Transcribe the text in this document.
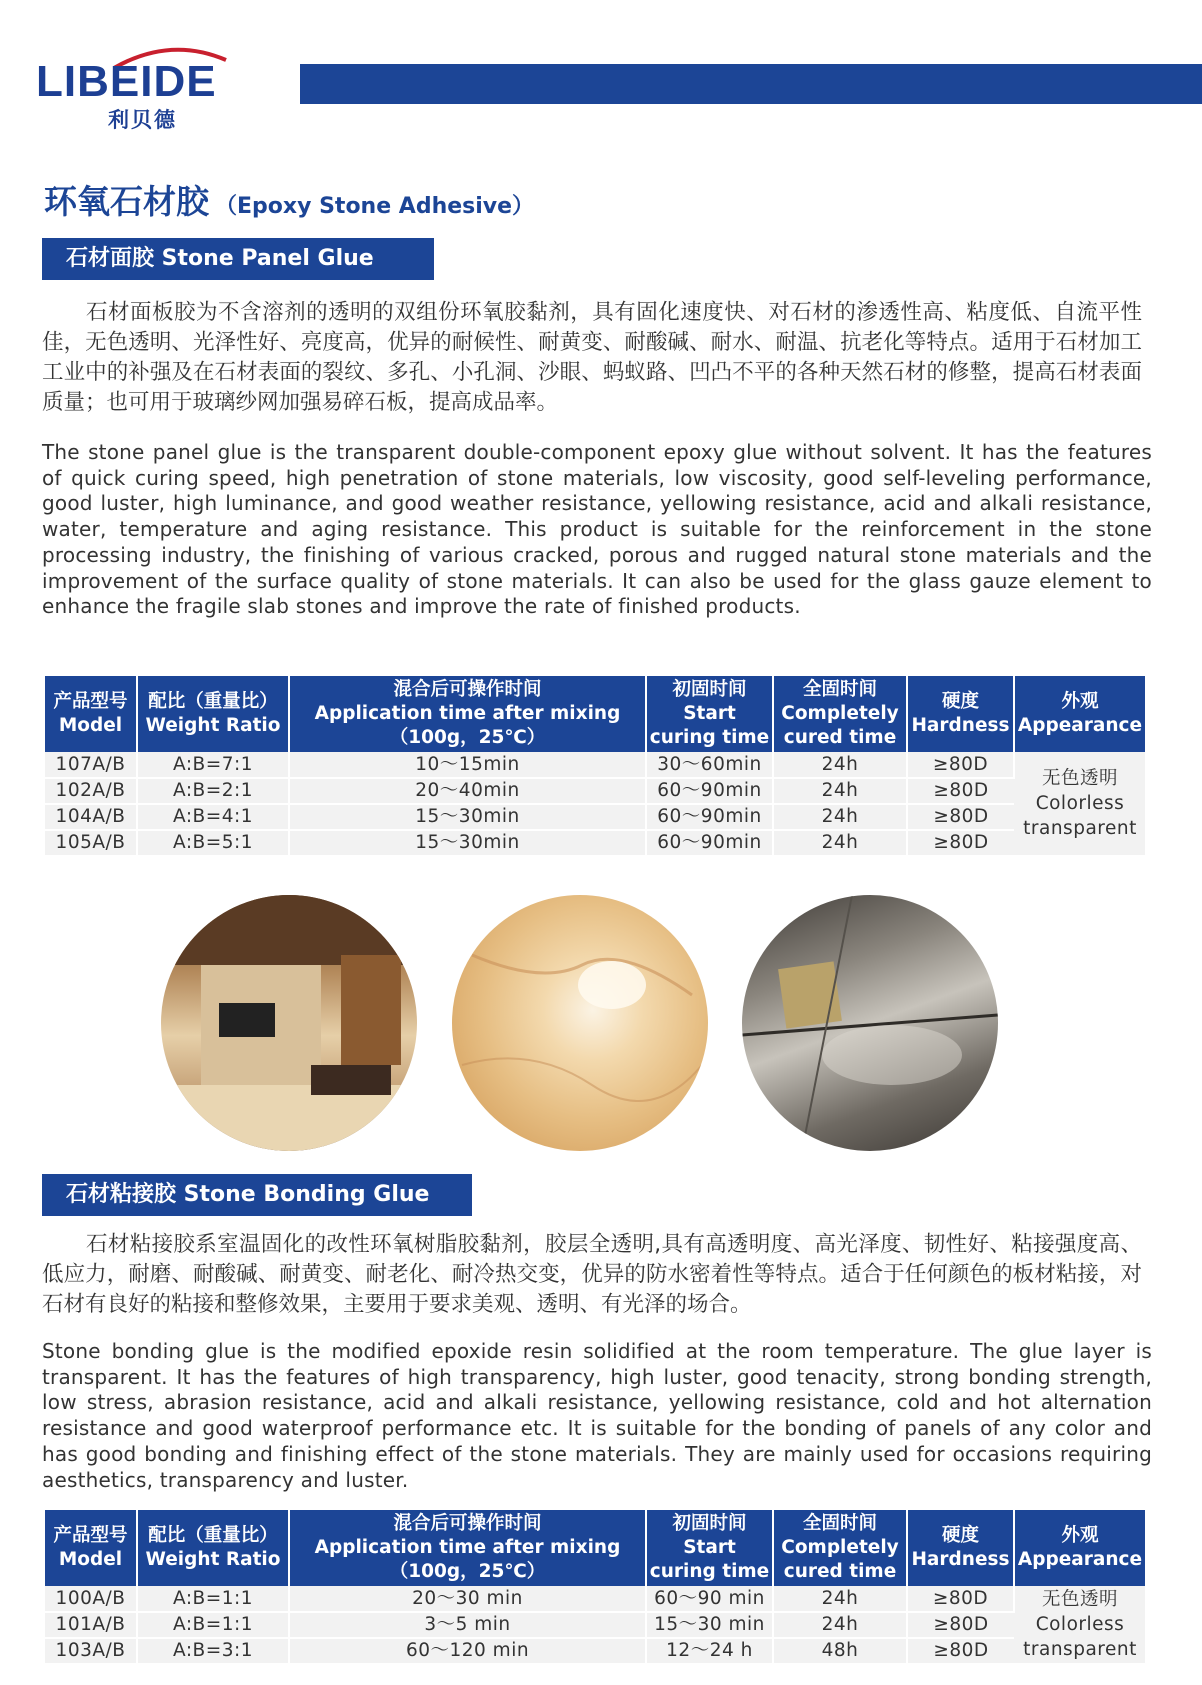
LIBEIDE
利贝德
环氧石材胶 （Epoxy Stone Adhesive）
石材面胶 Stone Panel Glue
石材面板胶为不含溶剂的透明的双组份环氧胶黏剂，具有固化速度快、对石材的渗透性高、粘度低、自流平性佳，无色透明、光泽性好、亮度高，优异的耐候性、耐黄变、耐酸碱、耐水、耐温、抗老化等特点。适用于石材加工工业中的补强及在石材表面的裂纹、多孔、小孔洞、沙眼、蚂蚁路、凹凸不平的各种天然石材的修整，提高石材表面质量；也可用于玻璃纱网加强易碎石板，提高成品率。
The stone panel glue is the transparent double-component epoxy glue without solvent. It has the features of quick curing speed, high penetration of stone materials, low viscosity, good self-leveling performance, good luster, high luminance, and good weather resistance, yellowing resistance, acid and alkali resistance, water, temperature and aging resistance. This product is suitable for the reinforcement in the stone processing industry, the finishing of various cracked, porous and rugged natural stone materials and the improvement of the surface quality of stone materials. It can also be used for the glass gauze element to enhance the fragile slab stones and improve the rate of finished products.
产品型号
Model	配比（重量比）
Weight Ratio	混合后可操作时间
Application time after mixing
（100g，25℃）	初固时间
Start
curing time	全固时间
Completely
cured time	硬度
Hardness	外观
Appearance

107A/B	A:B=7:1	10～15min	30～60min	24h	≥80D	无色透明
Colorless
transparent

102A/B	A:B=2:1	20～40min	60～90min	24h	≥80D	
104A/B	A:B=4:1	15～30min	60～90min	24h	≥80D	
105A/B	A:B=5:1	15～30min	60～90min	24h	≥80D	
石材粘接胶 Stone Bonding Glue
石材粘接胶系室温固化的改性环氧树脂胶黏剂，胶层全透明,具有高透明度、高光泽度、韧性好、粘接强度高、低应力，耐磨、耐酸碱、耐黄变、耐老化、耐冷热交变，优异的防水密着性等特点。适合于任何颜色的板材粘接，对石材有良好的粘接和整修效果，主要用于要求美观、透明、有光泽的场合。
Stone bonding glue is the modified epoxide resin solidified at the room temperature. The glue layer is transparent. It has the features of high transparency, high luster, good tenacity, strong bonding strength, low stress, abrasion resistance, acid and alkali resistance, yellowing resistance, cold and hot alternation resistance and good waterproof performance etc. It is suitable for the bonding of panels of any color and has good bonding and finishing effect of the stone materials. They are mainly used for occasions requiring aesthetics, transparency and luster.
产品型号
Model	配比（重量比）
Weight Ratio	混合后可操作时间
Application time after mixing
（100g，25℃）	初固时间
Start
curing time	全固时间
Completely
cured time	硬度
Hardness	外观
Appearance

100A/B	A:B=1:1	20～30 min	60～90 min	24h	≥80D	无色透明
Colorless
transparent

101A/B	A:B=1:1	3～5 min	15～30 min	24h	≥80D	
103A/B	A:B=3:1	60～120 min	12～24 h	48h	≥80D	
